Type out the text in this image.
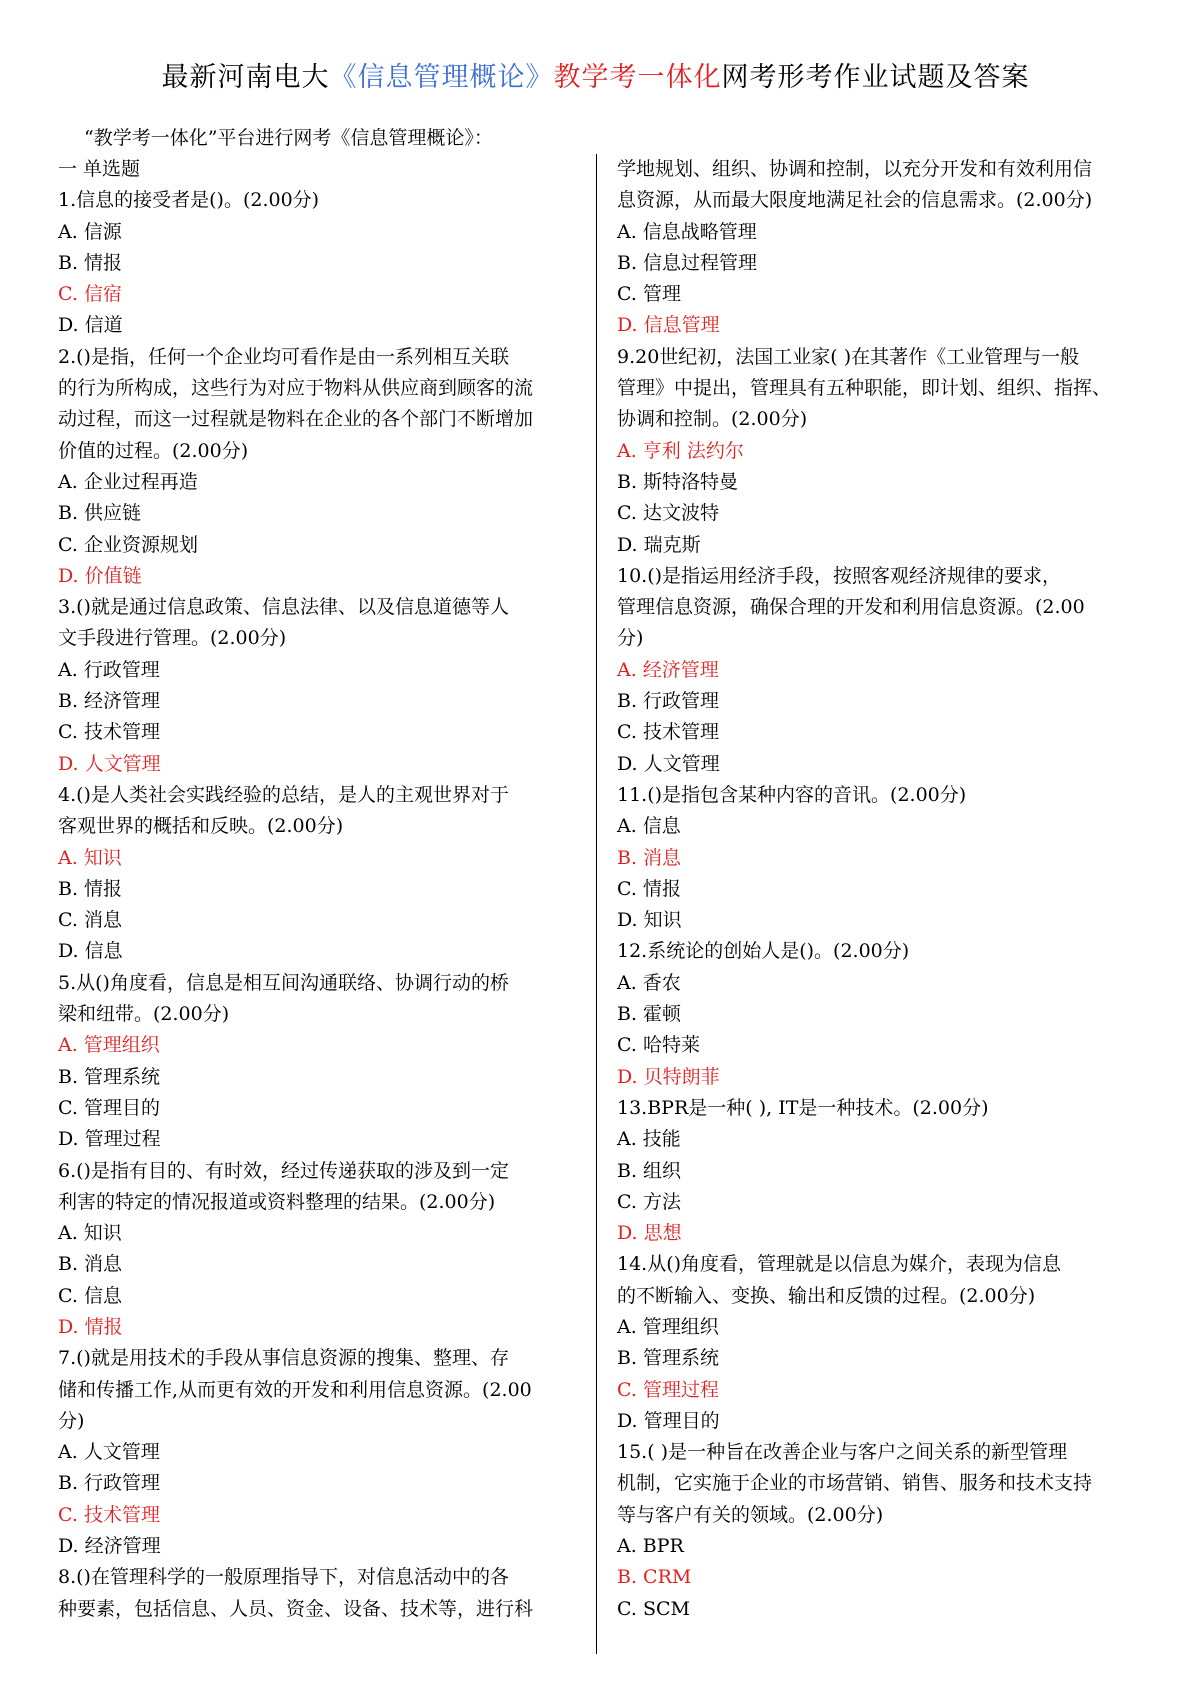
最新河南电大《信息管理概论》教学考一体化网考形考作业试题及答案
“教学考一体化”平台进行网考《信息管理概论》：

一 单选题

1.信息的接受者是()。(2.00分)

A. 信源

B. 情报

C. 信宿

D. 信道

2.()是指，任何一个企业均可看作是由一系列相互关联

的行为所构成，这些行为对应于物料从供应商到顾客的流

动过程，而这一过程就是物料在企业的各个部门不断增加

价值的过程。(2.00分)

A. 企业过程再造

B. 供应链

C. 企业资源规划

D. 价值链

3.()就是通过信息政策、信息法律、以及信息道德等人

文手段进行管理。(2.00分)

A. 行政管理

B. 经济管理

C. 技术管理

D. 人文管理

4.()是人类社会实践经验的总结，是人的主观世界对于

客观世界的概括和反映。(2.00分)

A. 知识

B. 情报

C. 消息

D. 信息

5.从()角度看，信息是相互间沟通联络、协调行动的桥

梁和纽带。(2.00分)

A. 管理组织

B. 管理系统

C. 管理目的

D. 管理过程

6.()是指有目的、有时效，经过传递获取的涉及到一定

利害的特定的情况报道或资料整理的结果。(2.00分)

A. 知识

B. 消息

C. 信息

D. 情报

7.()就是用技术的手段从事信息资源的搜集、整理、存

储和传播工作,从而更有效的开发和利用信息资源。(2.00

分)

A. 人文管理

B. 行政管理

C. 技术管理

D. 经济管理

8.()在管理科学的一般原理指导下，对信息活动中的各

种要素，包括信息、人员、资金、设备、技术等，进行科

学地规划、组织、协调和控制，以充分开发和有效利用信

息资源，从而最大限度地满足社会的信息需求。(2.00分)

A. 信息战略管理

B. 信息过程管理

C. 管理

D. 信息管理

9.20世纪初，法国工业家( )在其著作《工业管理与一般

管理》中提出，管理具有五种职能，即计划、组织、指挥、

协调和控制。(2.00分)

A. 亨利 法约尔

B. 斯特洛特曼

C. 达文波特

D. 瑞克斯

10.()是指运用经济手段，按照客观经济规律的要求，

管理信息资源，确保合理的开发和利用信息资源。(2.00

分)

A. 经济管理

B. 行政管理

C. 技术管理

D. 人文管理

11.()是指包含某种内容的音讯。(2.00分)

A. 信息

B. 消息

C. 情报

D. 知识

12.系统论的创始人是()。(2.00分)

A. 香农

B. 霍顿

C. 哈特莱

D. 贝特朗菲

13.BPR是一种( ), IT是一种技术。(2.00分)

A. 技能

B. 组织

C. 方法

D. 思想

14.从()角度看，管理就是以信息为媒介，表现为信息

的不断输入、变换、输出和反馈的过程。(2.00分)

A. 管理组织

B. 管理系统

C. 管理过程

D. 管理目的

15.( )是一种旨在改善企业与客户之间关系的新型管理

机制，它实施于企业的市场营销、销售、服务和技术支持

等与客户有关的领域。(2.00分)

A. BPR

B. CRM

C. SCM
